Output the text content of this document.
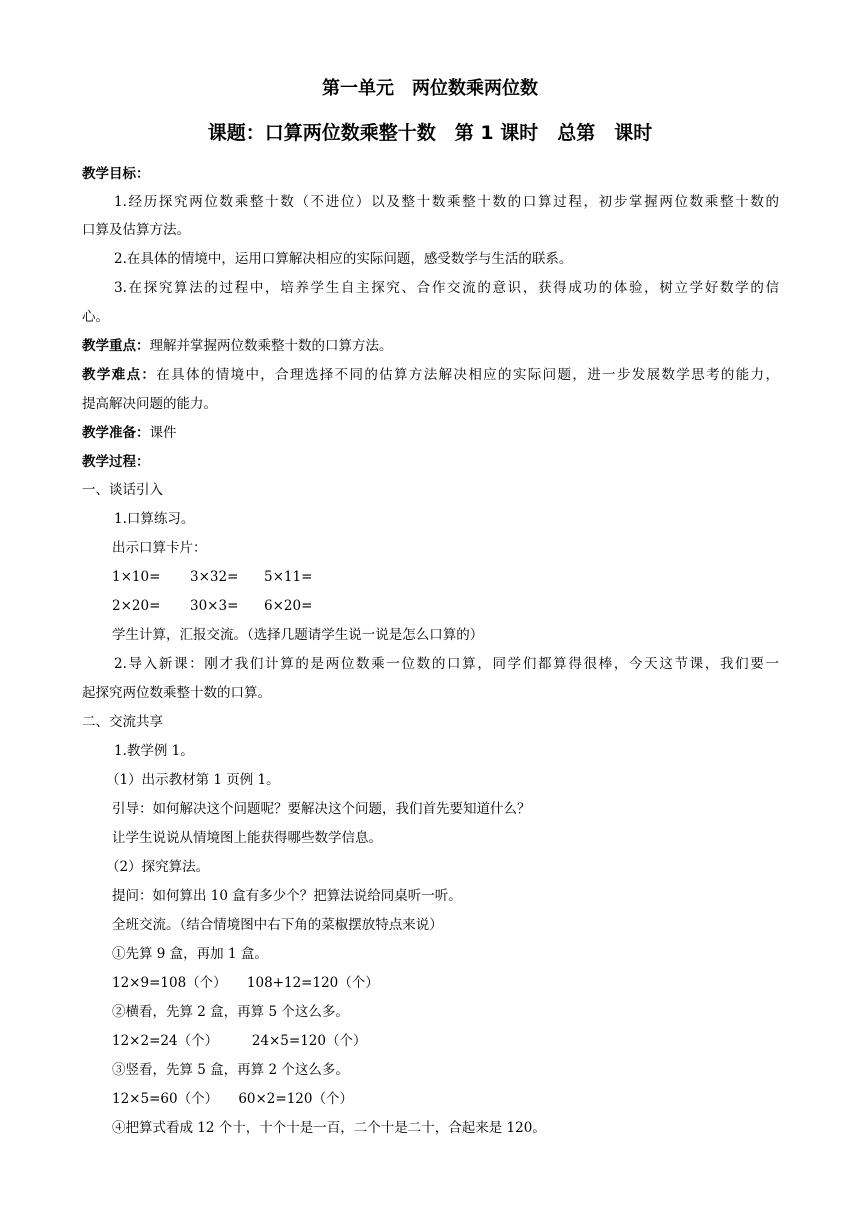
第一单元　两位数乘两位数
课题：口算两位数乘整十数　第 1 课时　总第　课时
教学目标：
1.经历探究两位数乘整十数（不进位）以及整十数乘整十数的口算过程，初步掌握两位数乘整十数的
口算及估算方法。
2.在具体的情境中，运用口算解决相应的实际问题，感受数学与生活的联系。
3.在探究算法的过程中，培养学生自主探究、合作交流的意识，获得成功的体验，树立学好数学的信
心。
教学重点：理解并掌握两位数乘整十数的口算方法。
教学难点：在具体的情境中，合理选择不同的估算方法解决相应的实际问题，进一步发展数学思考的能力，
提高解决问题的能力。
教学准备：课件
教学过程：
一、谈话引入
1.口算练习。
出示口算卡片：
1×10= 3×32= 5×11=
2×20= 30×3= 6×20=
学生计算，汇报交流。（选择几题请学生说一说是怎么口算的）
2.导入新课：刚才我们计算的是两位数乘一位数的口算，同学们都算得很棒，今天这节课，我们要一
起探究两位数乘整十数的口算。
二、交流共享
1.教学例 1。
（1）出示教材第 1 页例 1。
引导：如何解决这个问题呢？要解决这个问题，我们首先要知道什么？
让学生说说从情境图上能获得哪些数学信息。
（2）探究算法。
提问：如何算出 10 盒有多少个？把算法说给同桌听一听。
全班交流。（结合情境图中右下角的菜椒摆放特点来说）
①先算 9 盒，再加 1 盒。
12×9=108（个）　　108+12=120（个）
②横看，先算 2 盒，再算 5 个这么多。
12×2=24（个）　　　24×5=120（个）
③竖看，先算 5 盒，再算 2 个这么多。
12×5=60（个）　　60×2=120（个）
④把算式看成 12 个十，十个十是一百，二个十是二十，合起来是 120。
